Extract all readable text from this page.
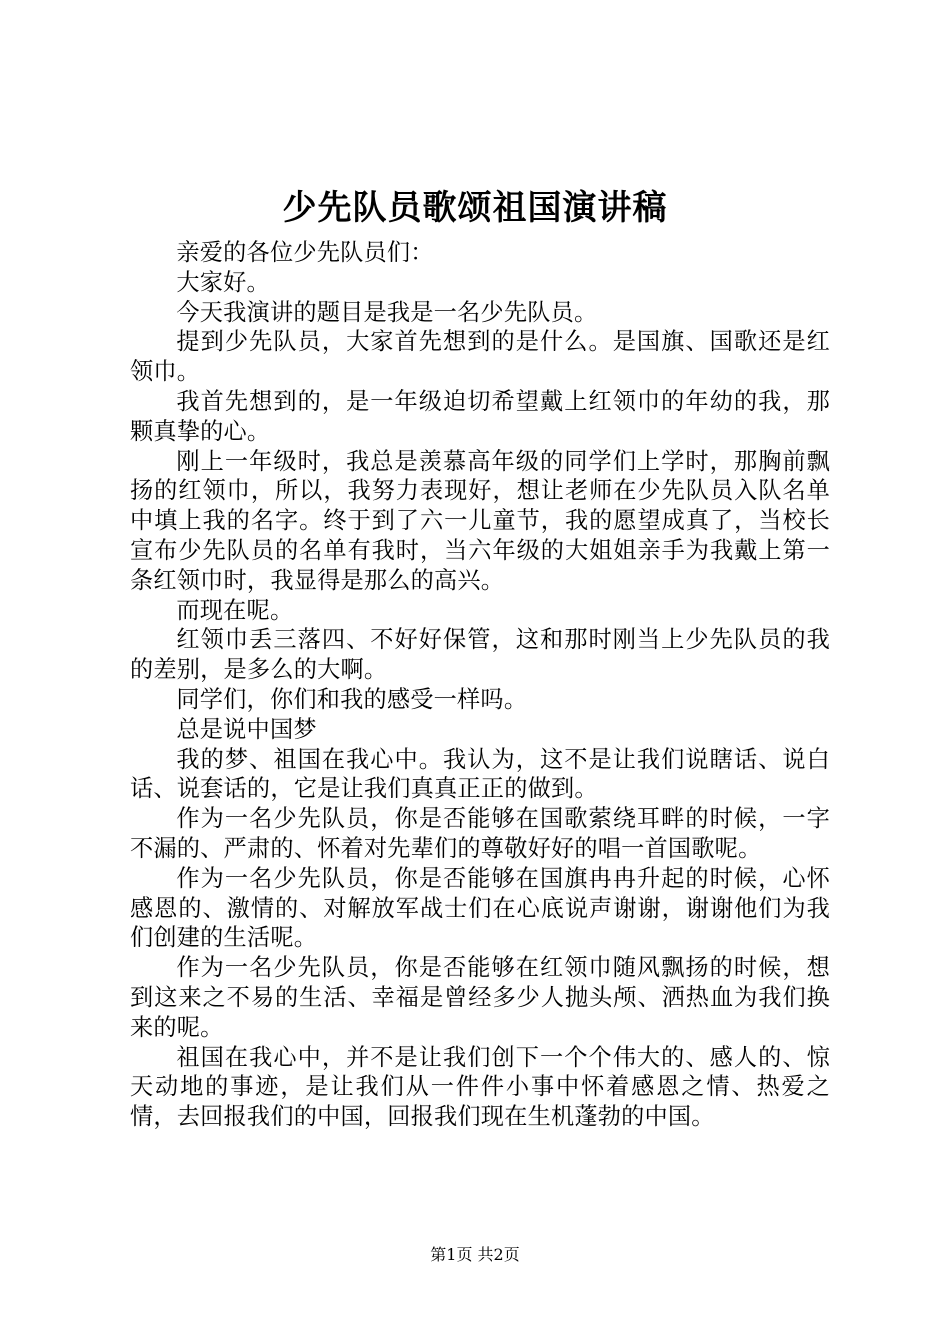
少先队员歌颂祖国演讲稿

亲爱的各位少先队员们：

大家好。

今天我演讲的题目是我是一名少先队员。

提到少先队员，大家首先想到的是什么。是国旗、国歌还是红领巾。

我首先想到的，是一年级迫切希望戴上红领巾的年幼的我，那颗真挚的心。

刚上一年级时，我总是羡慕高年级的同学们上学时，那胸前飘扬的红领巾，所以，我努力表现好，想让老师在少先队员入队名单中填上我的名字。终于到了六一儿童节，我的愿望成真了，当校长宣布少先队员的名单有我时，当六年级的大姐姐亲手为我戴上第一条红领巾时，我显得是那么的高兴。

而现在呢。

红领巾丢三落四、不好好保管，这和那时刚当上少先队员的我的差别，是多么的大啊。

同学们，你们和我的感受一样吗。

总是说中国梦

我的梦、祖国在我心中。我认为，这不是让我们说瞎话、说白话、说套话的，它是让我们真真正正的做到。

作为一名少先队员，你是否能够在国歌萦绕耳畔的时候，一字不漏的、严肃的、怀着对先辈们的尊敬好好的唱一首国歌呢。

作为一名少先队员，你是否能够在国旗冉冉升起的时候，心怀感恩的、激情的、对解放军战士们在心底说声谢谢，谢谢他们为我们创建的生活呢。

作为一名少先队员，你是否能够在红领巾随风飘扬的时候，想到这来之不易的生活、幸福是曾经多少人抛头颅、洒热血为我们换来的呢。

祖国在我心中，并不是让我们创下一个个伟大的、感人的、惊天动地的事迹，是让我们从一件件小事中怀着感恩之情、热爱之情，去回报我们的中国，回报我们现在生机蓬勃的中国。

第1页 共2页
